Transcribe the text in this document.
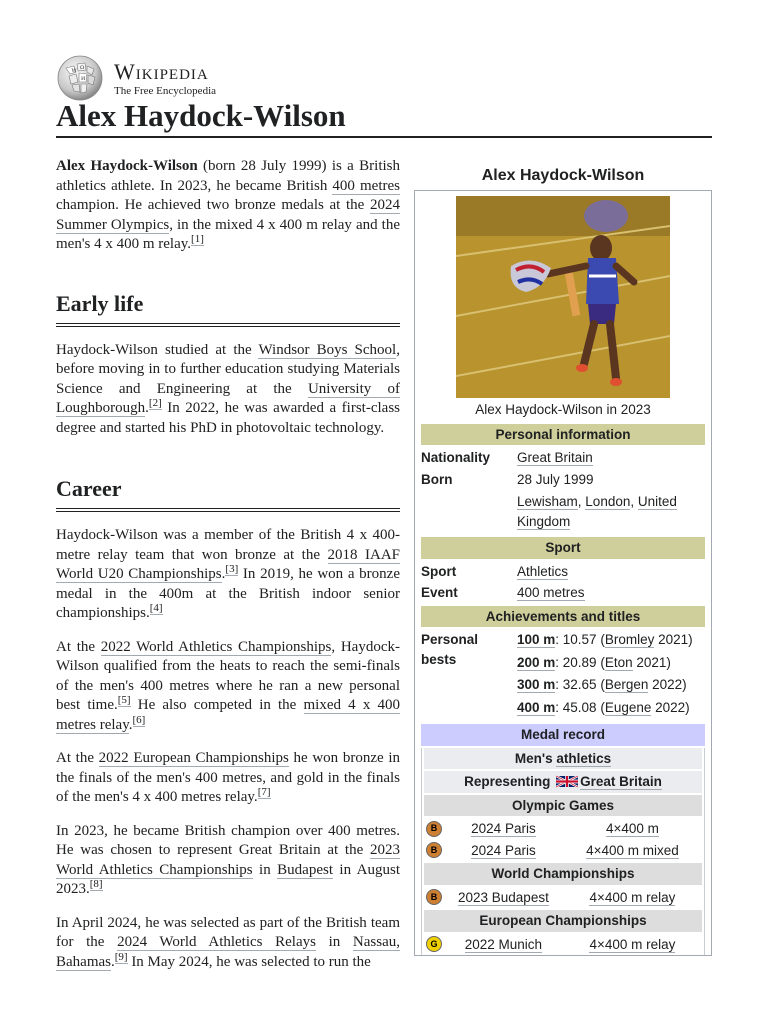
W Ω
И Wikipedia
The Free Encyclopedia
Alex Haydock-Wilson

Alex Haydock-Wilson (born 28 July 1999) is a British athletics athlete. In 2023, he became British 400 metres champion. He achieved two bronze medals at the 2024 Summer Olympics, in the mixed 4 x 400 m relay and the men's 4 x 400 m relay.[1]

Early life

Haydock-Wilson studied at the Windsor Boys School, before moving in to further education studying Materials Science and Engineering at the University of Loughborough.[2] In 2022, he was awarded a first-class degree and started his PhD in photovoltaic technology.

Career

Haydock-Wilson was a member of the British 4 x 400-metre relay team that won bronze at the 2018 IAAF World U20 Championships.[3] In 2019, he won a bronze medal in the 400m at the British indoor senior championships.[4]

At the 2022 World Athletics Championships, Haydock-Wilson qualified from the heats to reach the semi-finals of the men's 400 metres where he ran a new personal best time.[5] He also competed in the mixed 4 x 400 metres relay.[6]

At the 2022 European Championships he won bronze in the finals of the men's 400 metres, and gold in the finals of the men's 4 x 400 metres relay.[7]

In 2023, he became British champion over 400 metres. He was chosen to represent Great Britain at the 2023 World Athletics Championships in Budapest in August 2023.[8]

In April 2024, he was selected as part of the British team for the 2024 World Athletics Relays in Nassau, Bahamas.[9] In May 2024, he was selected to run the

Alex Haydock-Wilson
Alex Haydock-Wilson in 2023
Personal information
Nationality	Great Britain
Born	28 July 1999
Lewisham, London, United Kingdom
Sport
Sport	Athletics
Event	400 metres
Achievements and titles
Personal bests
100 m: 10.57 (Bromley 2021)
200 m: 20.89 (Eton 2021)
300 m: 32.65 (Bergen 2022)
400 m: 45.08 (Eugene 2022)
Medal record
Men's athletics
Representing Great Britain
Olympic Games
B	2024 Paris	4×400 m
B	2024 Paris	4×400 m mixed
World Championships
B	2023 Budapest	4×400 m relay
European Championships
G	2022 Munich	4×400 m relay
